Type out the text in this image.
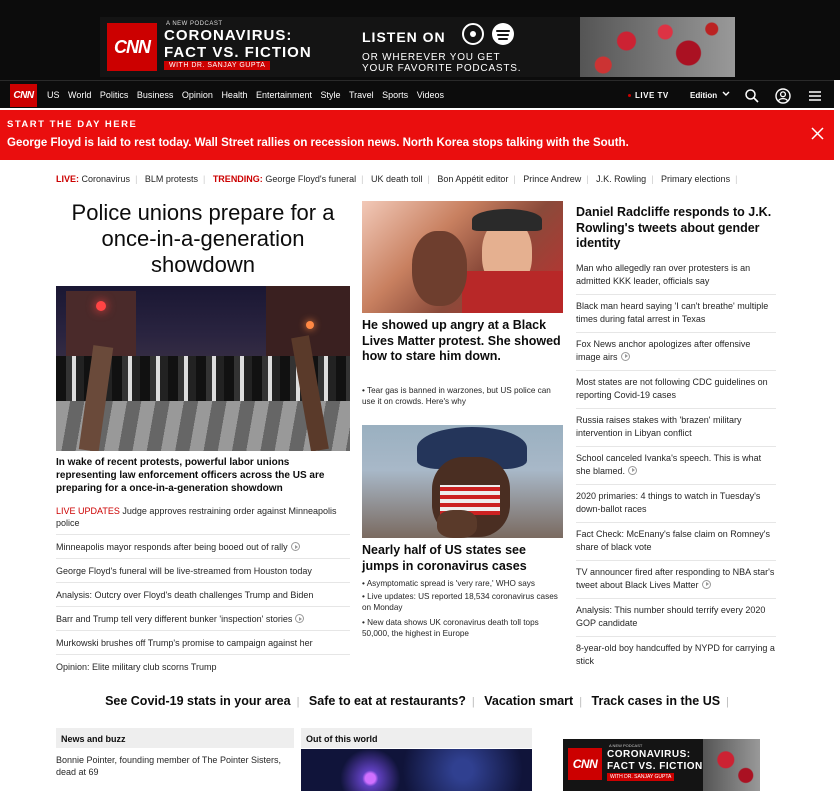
CNN
A NEW PODCAST
CORONAVIRUS:
FACT VS. FICTION
WITH DR. SANJAY GUPTA
LISTEN ON
OR WHEREVER YOU GET
YOUR FAVORITE PODCASTS.
CNN	US World Politics Business Opinion Health Entertainment Style Travel Sports Videos	LIVE TV	Edition
START THE DAY HERE
George Floyd is laid to rest today. Wall Street rallies on recession news. North Korea stops talking with the South.
LIVE: Coronavirus | BLM protests | TRENDING: George Floyd's funeral | UK death toll | Bon Appétit editor | Prince Andrew | J.K. Rowling | Primary elections |
Police unions prepare for a once-in-a-generation showdown
In wake of recent protests, powerful labor unions representing law enforcement officers across the US are preparing for a once-in-a-generation showdown
LIVE UPDATES Judge approves restraining order against Minneapolis police
Minneapolis mayor responds after being booed out of rally
George Floyd's funeral will be live-streamed from Houston today
Analysis: Outcry over Floyd's death challenges Trump and Biden
Barr and Trump tell very different bunker 'inspection' stories
Murkowski brushes off Trump's promise to campaign against her
Opinion: Elite military club scorns Trump
He showed up angry at a Black Lives Matter protest. She showed how to stare him down.
• Tear gas is banned in warzones, but US police can use it on crowds. Here's why
Nearly half of US states see jumps in coronavirus cases
• Asymptomatic spread is 'very rare,' WHO says
• Live updates: US reported 18,534 coronavirus cases on Monday
• New data shows UK coronavirus death toll tops 50,000, the highest in Europe
Daniel Radcliffe responds to J.K. Rowling's tweets about gender identity
Man who allegedly ran over protesters is an admitted KKK leader, officials say
Black man heard saying 'I can't breathe' multiple times during fatal arrest in Texas
Fox News anchor apologizes after offensive image airs
Most states are not following CDC guidelines on reporting Covid-19 cases
Russia raises stakes with 'brazen' military intervention in Libyan conflict
School canceled Ivanka's speech. This is what she blamed.
2020 primaries: 4 things to watch in Tuesday's down-ballot races
Fact Check: McEnany's false claim on Romney's share of black vote
TV announcer fired after responding to NBA star's tweet about Black Lives Matter
Analysis: This number should terrify every 2020 GOP candidate
8-year-old boy handcuffed by NYPD for carrying a stick
See Covid-19 stats in your area | Safe to eat at restaurants? | Vacation smart | Track cases in the US |
News and buzz
Bonnie Pointer, founding member of The Pointer Sisters, dead at 69
Out of this world
CNN
A NEW PODCAST
CORONAVIRUS:
FACT VS. FICTION
WITH DR. SANJAY GUPTA
